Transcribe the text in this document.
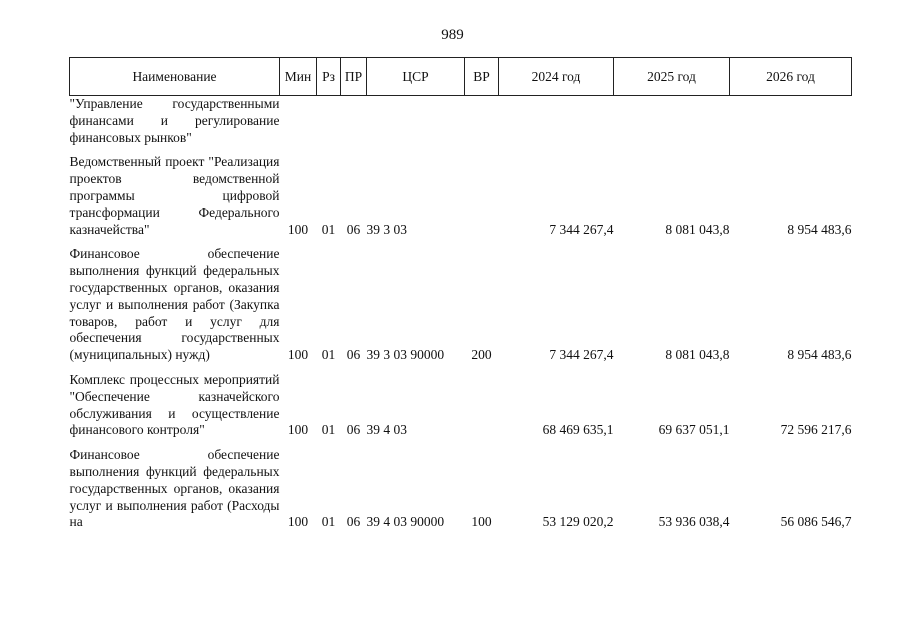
989
Наименование	Мин	Рз	ПР	ЦСР	ВР	2024 год	2025 год	2026 год
"Управление государственными финансами и регулирование финансовых рынков"								

Ведомственный проект "Реализация проектов ведомственной программы цифровой трансформации Федерального казначейства"	100	01	06	39 3 03		7 344 267,4	8 081 043,8	8 954 483,6

Финансовое обеспечение выполнения функций федеральных государственных органов, оказания услуг и выполнения работ (Закупка товаров, работ и услуг для обеспечения государственных (муниципальных) нужд)	100	01	06	39 3 03 90000	200	7 344 267,4	8 081 043,8	8 954 483,6

Комплекс процессных мероприятий "Обеспечение казначейского обслуживания и осуществление финансового контроля"	100	01	06	39 4 03		68 469 635,1	69 637 051,1	72 596 217,6

Финансовое обеспечение выполнения функций федеральных государственных органов, оказания услуг и выполнения работ (Расходы на	100	01	06	39 4 03 90000	100	53 129 020,2	53 936 038,4	56 086 546,7
